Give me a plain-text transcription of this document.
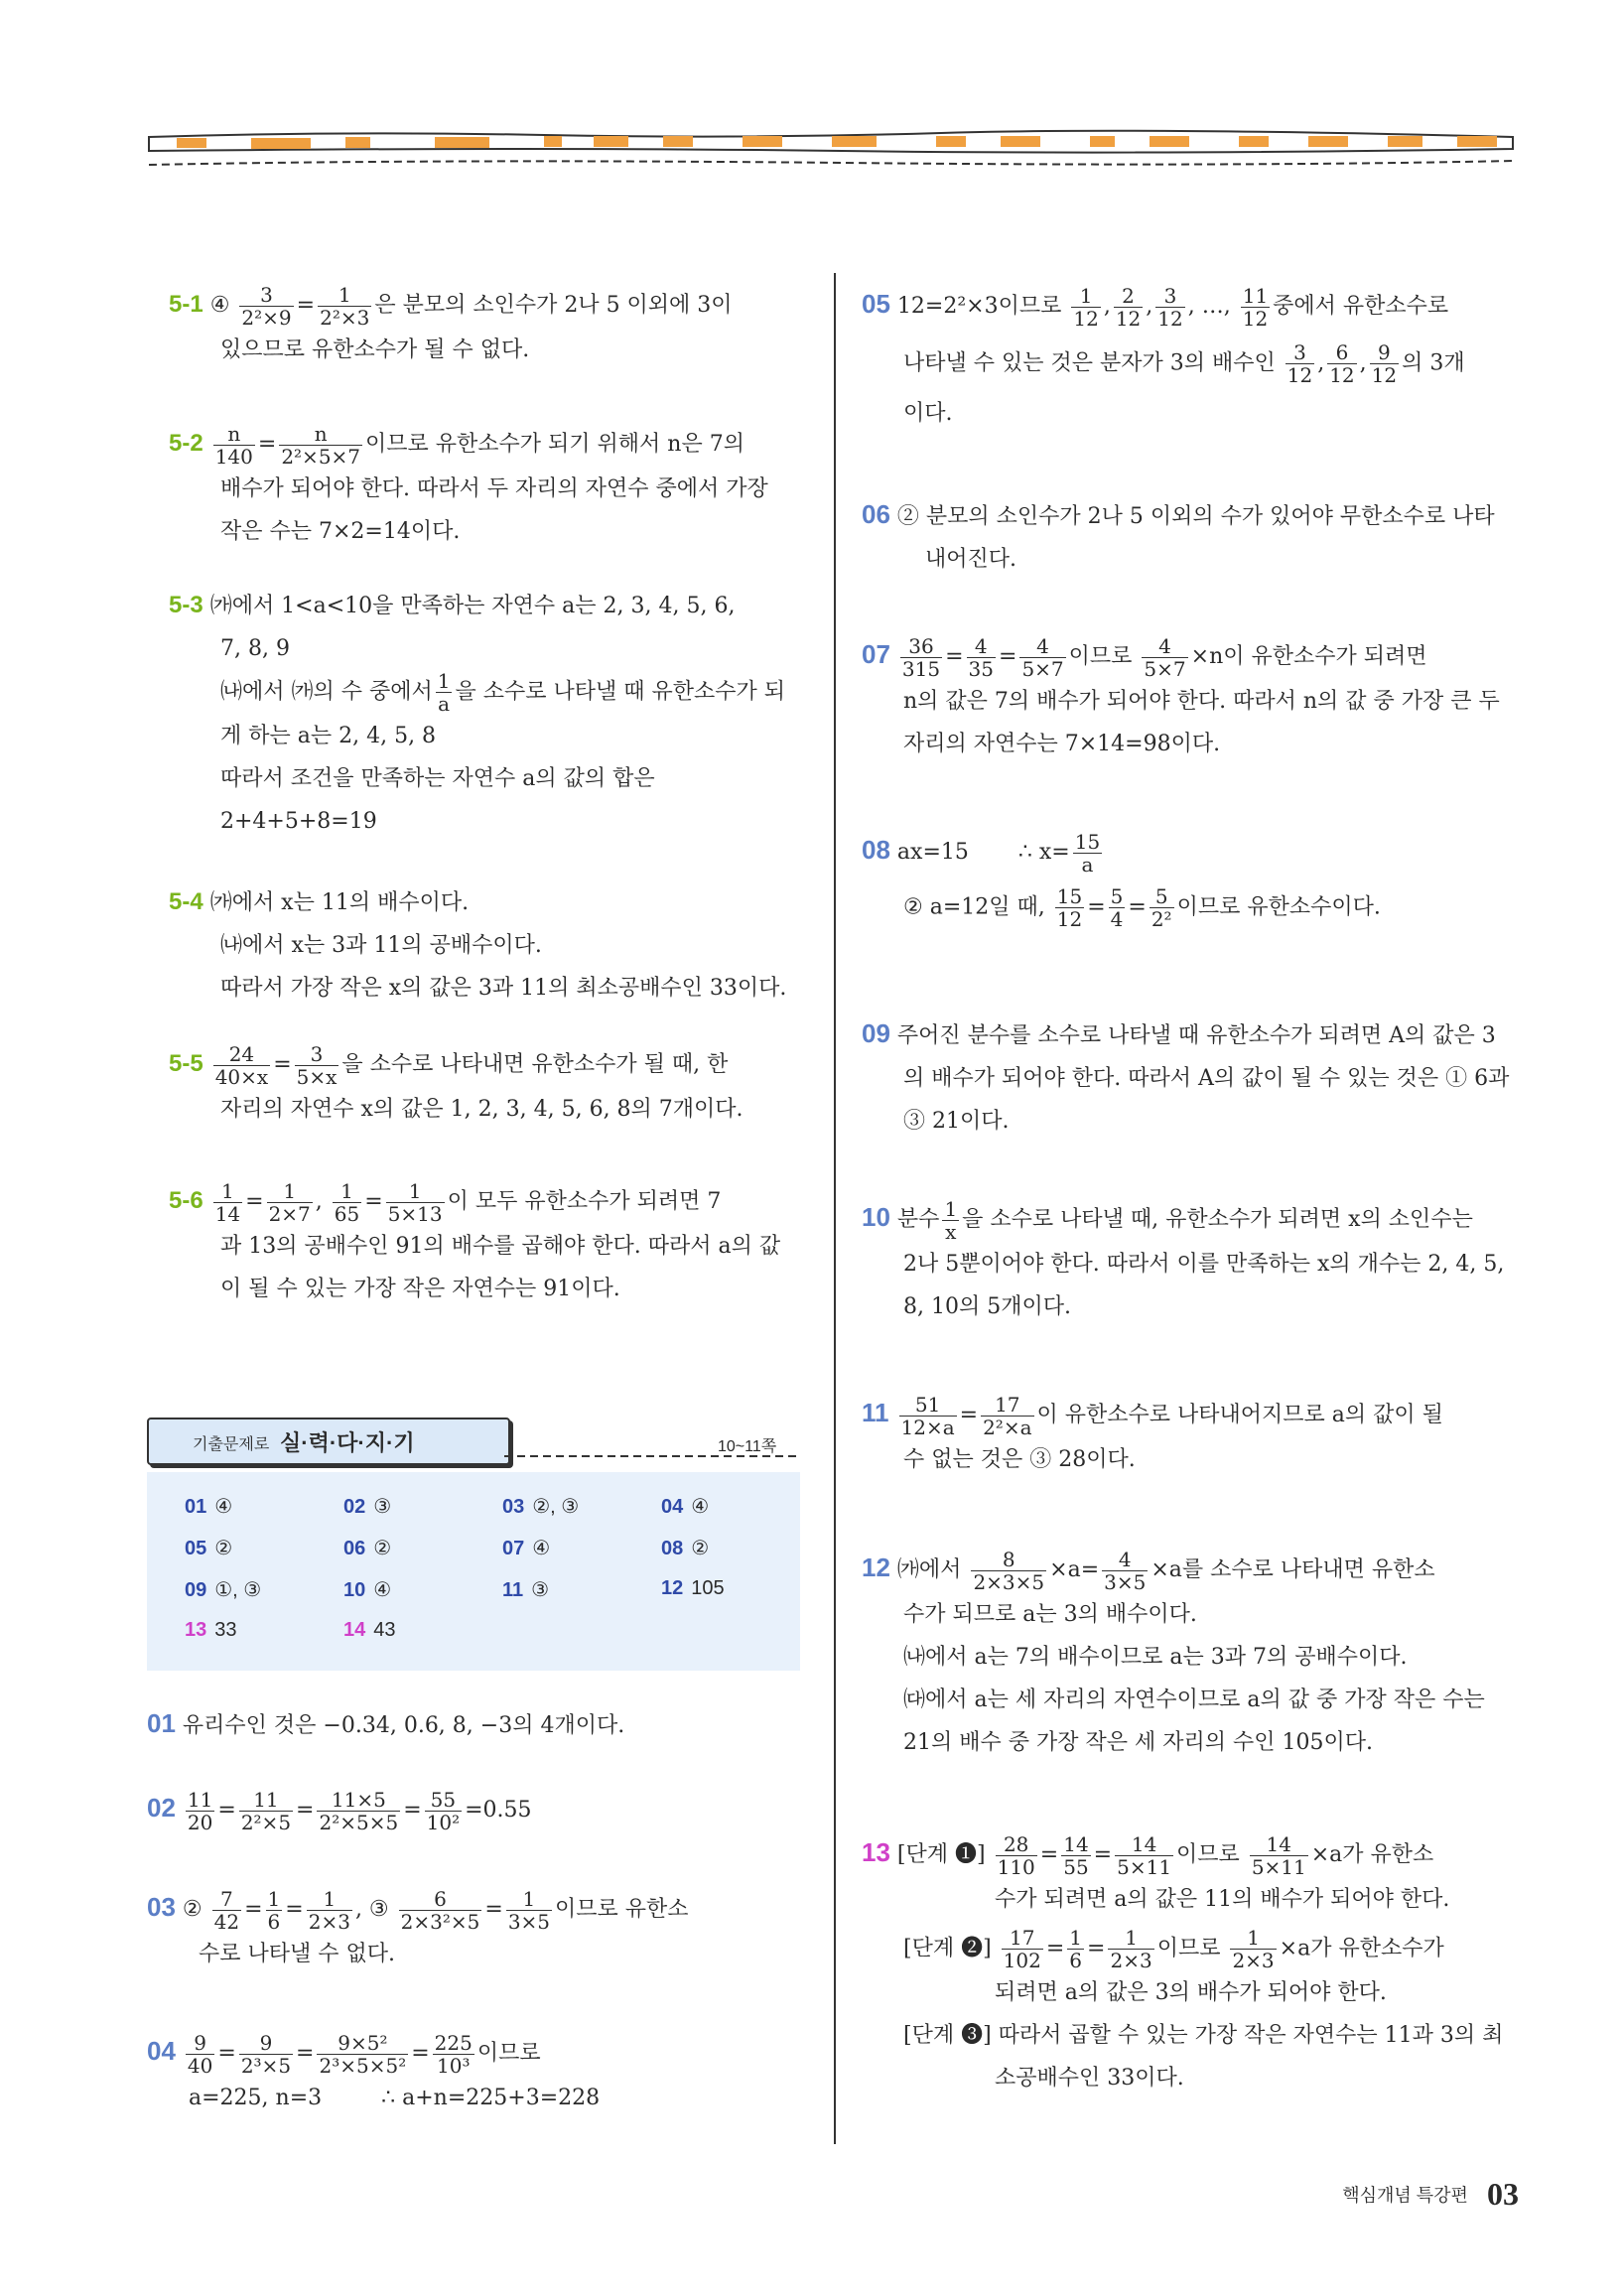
5-1 ④ $\frac{3}{\text{2²×9}} = \frac{1}{\text{2²×3}}$ 은 분모의 소인수가 2나 5 이외에 3이
있으므로 유한소수가 될 수 없다.
$5-2 \frac{n}{140} = \frac{n}{\text{2²×5×7}}$ 이므로 유한소수가 되기 위해서 n은 7의
배수가 되어야 한다. 따라서 두 자리의 자연수 중에서 가장
작은 수는 7×2=14이다.
5-3 ㈎에서 1<a<10을 만족하는 자연수 a는 2, 3, 4, 5, 6,
7, 8, 9
㈏에서 ㈎의 수 중에서 $\frac{1}{a}$ 을 소수로 나타낼 때 유한소수가 되
게 하는 a는 2, 4, 5, 8
따라서 조건을 만족하는 자연수 a의 값의 합은
2+4+5+8=19
5-4 ㈎에서 x는 11의 배수이다.
㈏에서 x는 3과 11의 공배수이다.
따라서 가장 작은 x의 값은 3과 11의 최소공배수인 33이다.
$5-5 \frac{24}{40\times x} = \frac{3}{5\times x}$ 을 소수로 나타내면 유한소수가 될 때, 한
자리의 자연수 x의 값은 1, 2, 3, 4, 5, 6, 8의 7개이다.
$5-6 \frac{1}{14} = \frac{1}{2\times 7}$ , $\frac{1}{65} = \frac{1}{5\times 13}$ 이 모두 유한소수가 되려면 7
과 13의 공배수인 91의 배수를 곱해야 한다. 따라서 a의 값
이 될 수 있는 가장 작은 자연수는 91이다.
기출문제로 실·력·다·지·기	10~11쪽
01 ④	02 ③	03 ②, ③	04 ④
05 ②	06 ②	07 ④	08 ②
09 ①, ③	10 ④	11 ③	12 105
13 33	14 43
01 유리수인 것은 −0.34, 0.6, 8, −3의 4개이다.
$02 \frac{11}{20} = \frac{11}{\text{2²×5}} = \frac{11\times 5}{\text{2²×5×5}} = \frac{55}{\text{10²}} =0.55$
03 ② $\frac{7}{42} = \frac{1}{6} = \frac{1}{2\times 3}$ , ③ $\frac{6}{\text{2×3²×5}} = \frac{1}{3\times 5}$ 이므로 유한소
수로 나타낼 수 없다.
$04 \frac{9}{40} = \frac{9}{\text{2³×5}} = \frac{\text{9×5²}}{\text{2³×5×5²}} = \frac{225}{\text{10³}}$ 이므로
a=225, n=3	∴ a+n=225+3=228
05 12=2²×3이므로 $\frac{1}{12}$ , $\frac{2}{12}$ , $\frac{3}{12}$ , …, $\frac{11}{12}$ 중에서 유한소수로
나타낼 수 있는 것은 분자가 3의 배수인 $\frac{3}{12}$ , $\frac{6}{12}$ , $\frac{9}{12}$ 의 3개
이다.
06 ② 분모의 소인수가 2나 5 이외의 수가 있어야 무한소수로 나타
내어진다.
$07 \frac{36}{315} = \frac{4}{35} = \frac{4}{5\times 7}$ 이므로 $\frac{4}{5\times 7} \times n$이 유한소수가 되려면
n의 값은 7의 배수가 되어야 한다. 따라서 n의 값 중 가장 큰 두
자리의 자연수는 7×14=98이다.
08 ax=15 ∴ $x= \frac{15}{a}$
② a=12일 때, $\frac{15}{12} = \frac{5}{4} = \frac{5}{\text{2²}}$ 이므로 유한소수이다.
09 주어진 분수를 소수로 나타낼 때 유한소수가 되려면 A의 값은 3
의 배수가 되어야 한다. 따라서 A의 값이 될 수 있는 것은 ① 6과
③ 21이다.
10 분수 $\frac{1}{x}$ 을 소수로 나타낼 때, 유한소수가 되려면 x의 소인수는
2나 5뿐이어야 한다. 따라서 이를 만족하는 x의 개수는 2, 4, 5,
8, 10의 5개이다.
$11 \frac{51}{12\times a} = \frac{17}{\text{2²×a}}$ 이 유한소수로 나타내어지므로 a의 값이 될
수 없는 것은 ③ 28이다.
12 ㈎에서 $\frac{8}{2\times 3\times 5} \times a= \frac{4}{3\times 5} \times a$를 소수로 나타내면 유한소
수가 되므로 a는 3의 배수이다.
㈏에서 a는 7의 배수이므로 a는 3과 7의 공배수이다.
㈐에서 a는 세 자리의 자연수이므로 a의 값 중 가장 작은 수는
21의 배수 중 가장 작은 세 자리의 수인 105이다.
13 [단계 ❶] $\frac{28}{110} = \frac{14}{55} = \frac{14}{5\times 11}$ 이므로 $\frac{14}{5\times 11} \times a$가 유한소
수가 되려면 a의 값은 11의 배수가 되어야 한다.
[단계 ❷] $\frac{17}{102} = \frac{1}{6} = \frac{1}{2\times 3}$ 이므로 $\frac{1}{2\times 3} \times a$가 유한소수가
되려면 a의 값은 3의 배수가 되어야 한다.
[단계 ❸] 따라서 곱할 수 있는 가장 작은 자연수는 11과 3의 최
소공배수인 33이다.
핵심개념 특강편 03
